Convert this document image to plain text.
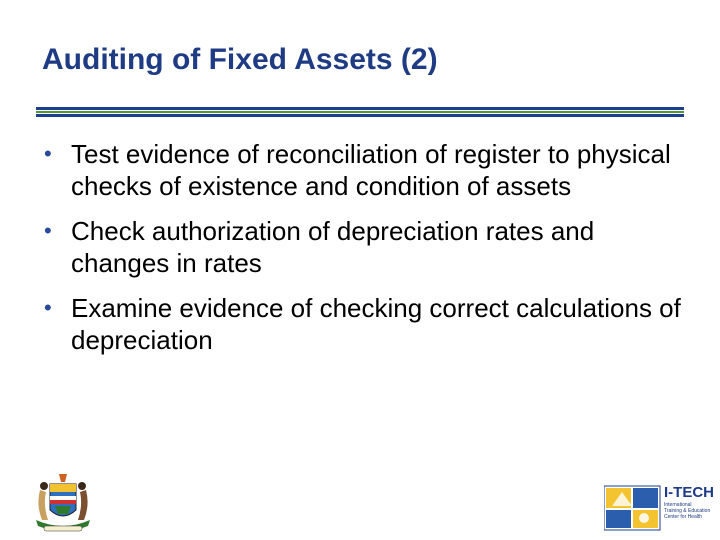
Auditing of Fixed Assets (2)
• Test evidence of reconciliation of register to physical checks of existence and condition of assets
• Check authorization of depreciation rates and changes in rates
• Examine evidence of checking correct calculations of depreciation
I-TECH
International
Training & Education
Center for Health
